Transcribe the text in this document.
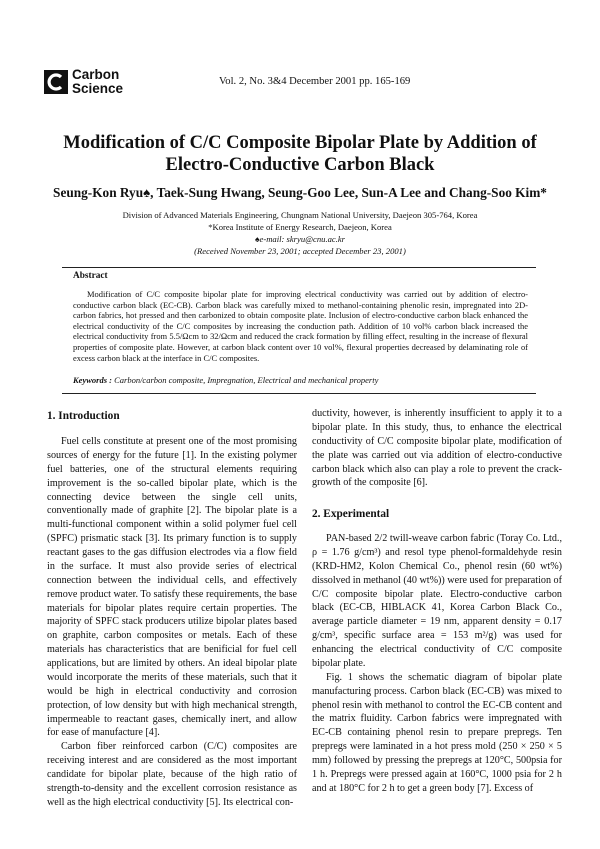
Carbon
Science	Vol. 2, No. 3&4 December 2001 pp. 165-169
Modification of C/C Composite Bipolar Plate by Addition of
Electro-Conductive Carbon Black
Seung-Kon Ryu♠, Taek-Sung Hwang, Seung-Goo Lee, Sun-A Lee and Chang-Soo Kim*
Division of Advanced Materials Engineering, Chungnam National University, Daejeon 305-764, Korea
*Korea Institute of Energy Research, Daejeon, Korea
♠e-mail: skryu@cnu.ac.kr
(Received November 23, 2001; accepted December 23, 2001)
Abstract

Modification of C/C composite bipolar plate for improving electrical conductivity was carried out by addition of electro-conductive carbon black (EC-CB). Carbon black was carefully mixed to methanol-containing phenolic resin, impregnated into 2D-carbon fabrics, hot pressed and then carbonized to obtain composite plate. Inclusion of electro-conductive carbon black enhanced the electrical conductivity of the C/C composites by increasing the conduction path. Addition of 10 vol% carbon black increased the electrical conductivity from 5.5/Ωcm to 32/Ωcm and reduced the crack formation by filling effect, resulting in the increase of flexural properties of composite plate. However, at carbon black content over 10 vol%, flexural properties decreased by delaminating role of excess carbon black at the interface in C/C composites.

Keywords : Carbon/carbon composite, Impregnation, Electrical and mechanical property
1. Introduction

Fuel cells constitute at present one of the most promising sources of energy for the future [1]. In the existing polymer fuel batteries, one of the structural elements requiring improvement is the so-called bipolar plate, which is the connecting device between the single cell units, conventionally made of graphite [2]. The bipolar plate is a multi-functional component within a solid polymer fuel cell (SPFC) prismatic stack [3]. Its primary function is to supply reactant gases to the gas diffusion electrodes via a flow field in the surface. It must also provide series of electrical connection between the individual cells, and effectively remove product water. To satisfy these requirements, the base materials for bipolar plates require certain properties. The majority of SPFC stack producers utilize bipolar plates based on graphite, carbon composites or metals. Each of these materials has characteristics that are benificial for fuel cell applications, but are limited by others. An ideal bipolar plate would incorporate the merits of these materials, such that it would be high in electrical conductivity and corrosion protection, of low density but with high mechanical strength, impermeable to reactant gases, chemically inert, and allow for ease of manufacture [4].

Carbon fiber reinforced carbon (C/C) composites are receiving interest and are considered as the most important candidate for bipolar plate, because of the high ratio of strength-to-density and the excellent corrosion resistance as well as the high electrical conductivity [5]. Its electrical con-

ductivity, however, is inherently insufficient to apply it to a bipolar plate. In this study, thus, to enhance the electrical conductivity of C/C composite bipolar plate, modification of the plate was carried out via addition of electro-conductive carbon black which also can play a role to prevent the crack-growth of the composite [6].

2. Experimental

PAN-based 2/2 twill-weave carbon fabric (Toray Co. Ltd., ρ = 1.76 g/cm³) and resol type phenol-formaldehyde resin (KRD-HM2, Kolon Chemical Co., phenol resin (60 wt%) dissolved in methanol (40 wt%)) were used for preparation of C/C composite bipolar plate. Electro-conductive carbon black (EC-CB, HIBLACK 41, Korea Carbon Black Co., average particle diameter = 19 nm, apparent density = 0.17 g/cm³, specific surface area = 153 m²/g) was used for enhancing the electrical conductivity of C/C composite bipolar plate.

Fig. 1 shows the schematic diagram of bipolar plate manufacturing process. Carbon black (EC-CB) was mixed to phenol resin with methanol to control the EC-CB content and the matrix fluidity. Carbon fabrics were impregnated with EC-CB containing phenol resin to prepare prepregs. Ten prepregs were laminated in a hot press mold (250 × 250 × 5 mm) followed by pressing the prepregs at 120°C, 500psia for 1 h. Prepregs were pressed again at 160°C, 1000 psia for 2 h and at 180°C for 2 h to get a green body [7]. Excess of
